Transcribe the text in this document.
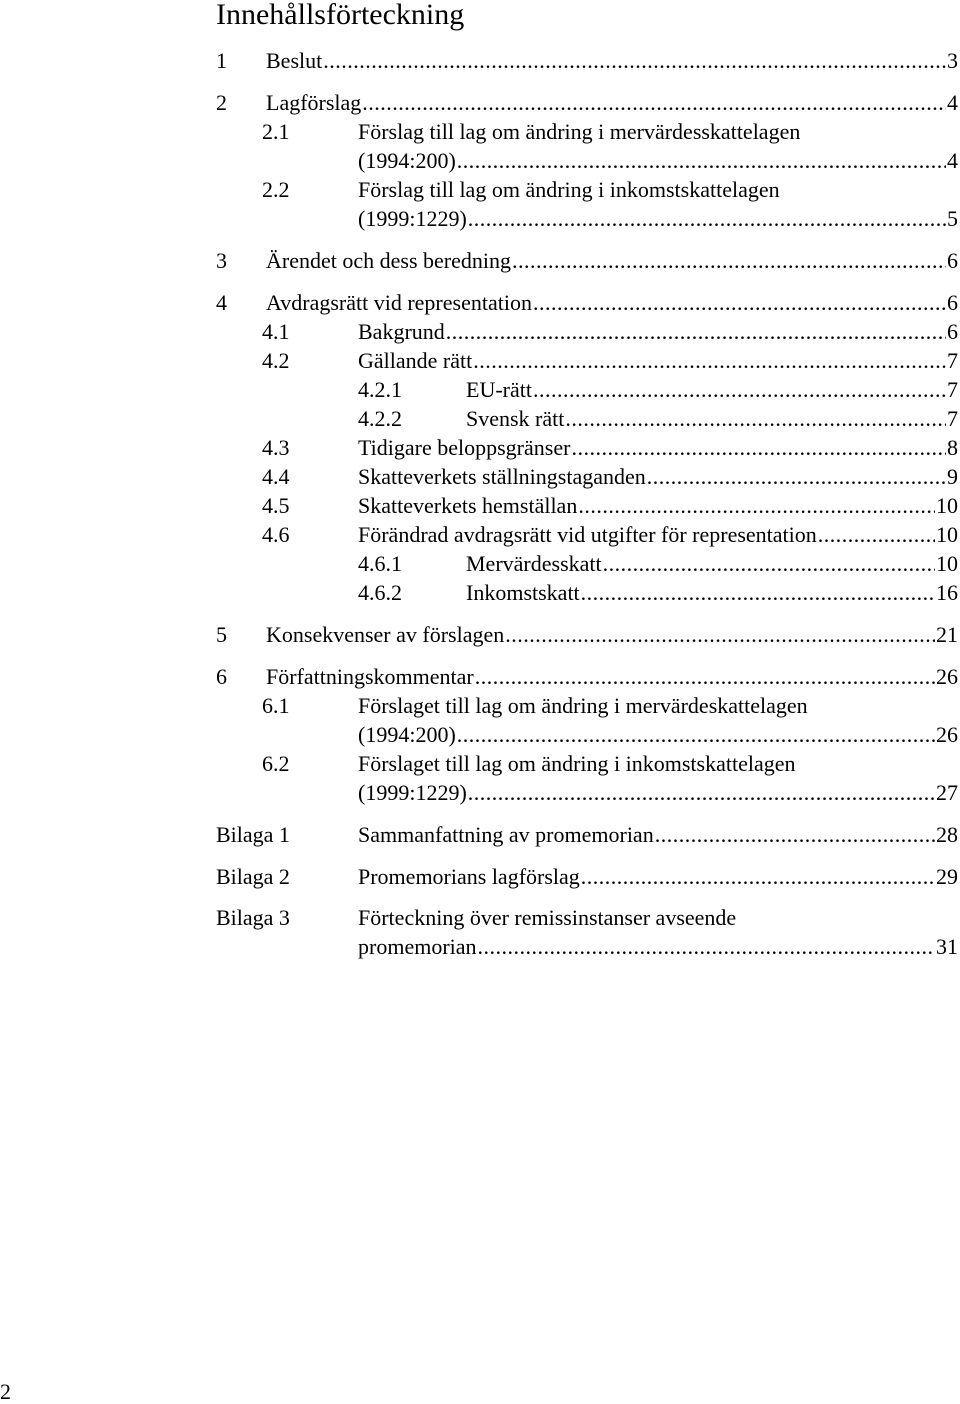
Innehållsförteckning
1	Beslut .....	3
2	Lagförslag .....	4
2.1	Förslag till lag om ändring i mervärdesskattelagen
(1994:200) .....	4
2.2	Förslag till lag om ändring i inkomstskattelagen
(1999:1229) .....	5
3	Ärendet och dess beredning .....	6
4	Avdragsrätt vid representation .....	6
4.1	Bakgrund .....	6
4.2	Gällande rätt .....	7
4.2.1	EU-rätt .....	7
4.2.2	Svensk rätt .....	7
4.3	Tidigare beloppsgränser .....	8
4.4	Skatteverkets ställningstaganden .....	9
4.5	Skatteverkets hemställan .....	10
4.6	Förändrad avdragsrätt vid utgifter för representation .....	10
4.6.1	Mervärdesskatt .....	10
4.6.2	Inkomstskatt .....	16
5	Konsekvenser av förslagen .....	21
6	Författningskommentar .....	26
6.1	Förslaget till lag om ändring i mervärdeskattelagen
(1994:200) .....	26
6.2	Förslaget till lag om ändring i inkomstskattelagen
(1999:1229) .....	27
Bilaga 1	Sammanfattning av promemorian .....	28
Bilaga 2	Promemorians lagförslag .....	29
Bilaga 3	Förteckning över remissinstanser avseende
promemorian .....	31
2
